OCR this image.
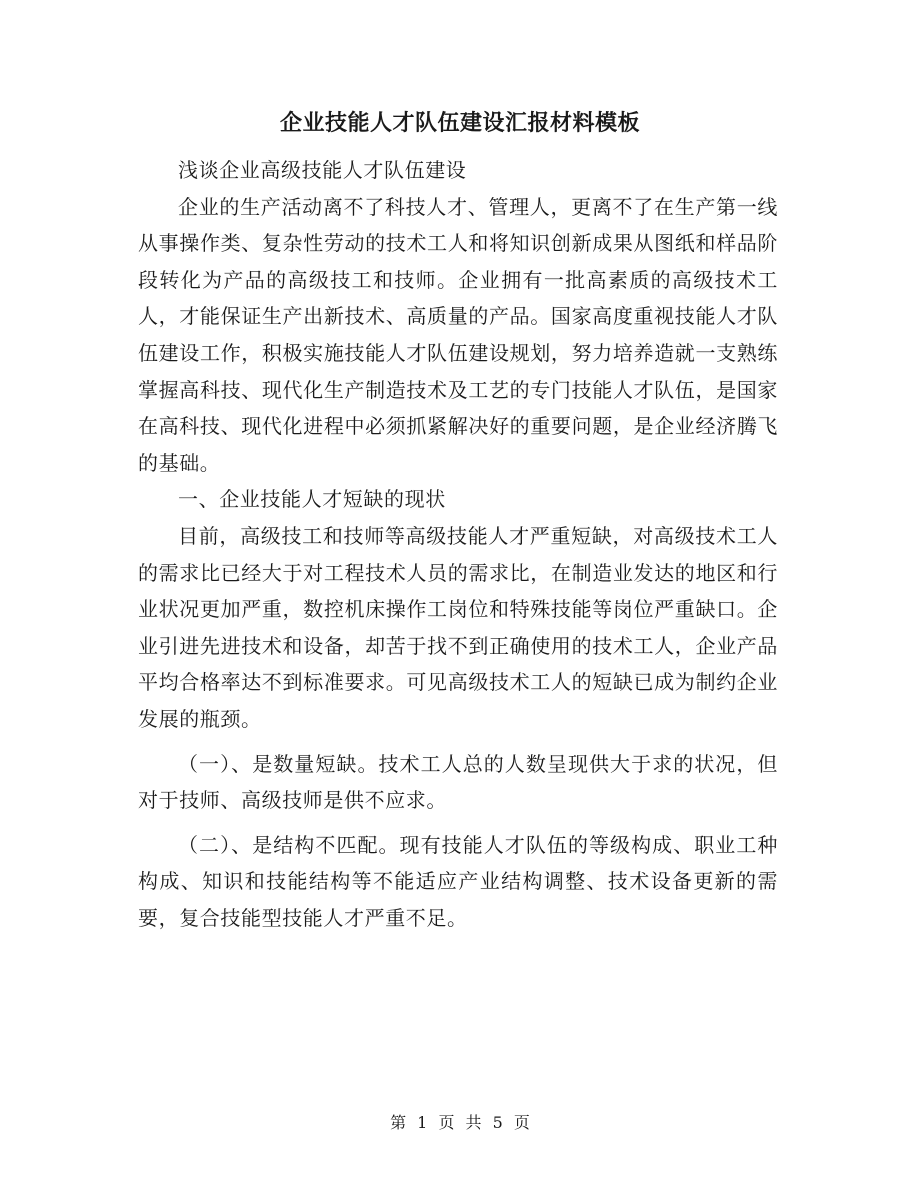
企业技能人才队伍建设汇报材料模板

浅谈企业高级技能人才队伍建设

企业的生产活动离不了科技人才、管理人，更离不了在生产第一线从事操作类、复杂性劳动的技术工人和将知识创新成果从图纸和样品阶段转化为产品的高级技工和技师。企业拥有一批高素质的高级技术工人，才能保证生产出新技术、高质量的产品。国家高度重视技能人才队伍建设工作，积极实施技能人才队伍建设规划，努力培养造就一支熟练掌握高科技、现代化生产制造技术及工艺的专门技能人才队伍，是国家在高科技、现代化进程中必须抓紧解决好的重要问题，是企业经济腾飞的基础。

一、企业技能人才短缺的现状

目前，高级技工和技师等高级技能人才严重短缺，对高级技术工人的需求比已经大于对工程技术人员的需求比，在制造业发达的地区和行业状况更加严重，数控机床操作工岗位和特殊技能等岗位严重缺口。企业引进先进技术和设备，却苦于找不到正确使用的技术工人，企业产品平均合格率达不到标准要求。可见高级技术工人的短缺已成为制约企业发展的瓶颈。

（一）、是数量短缺。技术工人总的人数呈现供大于求的状况，但对于技师、高级技师是供不应求。

（二）、是结构不匹配。现有技能人才队伍的等级构成、职业工种构成、知识和技能结构等不能适应产业结构调整、技术设备更新的需要，复合技能型技能人才严重不足。

第 1 页 共 5 页
